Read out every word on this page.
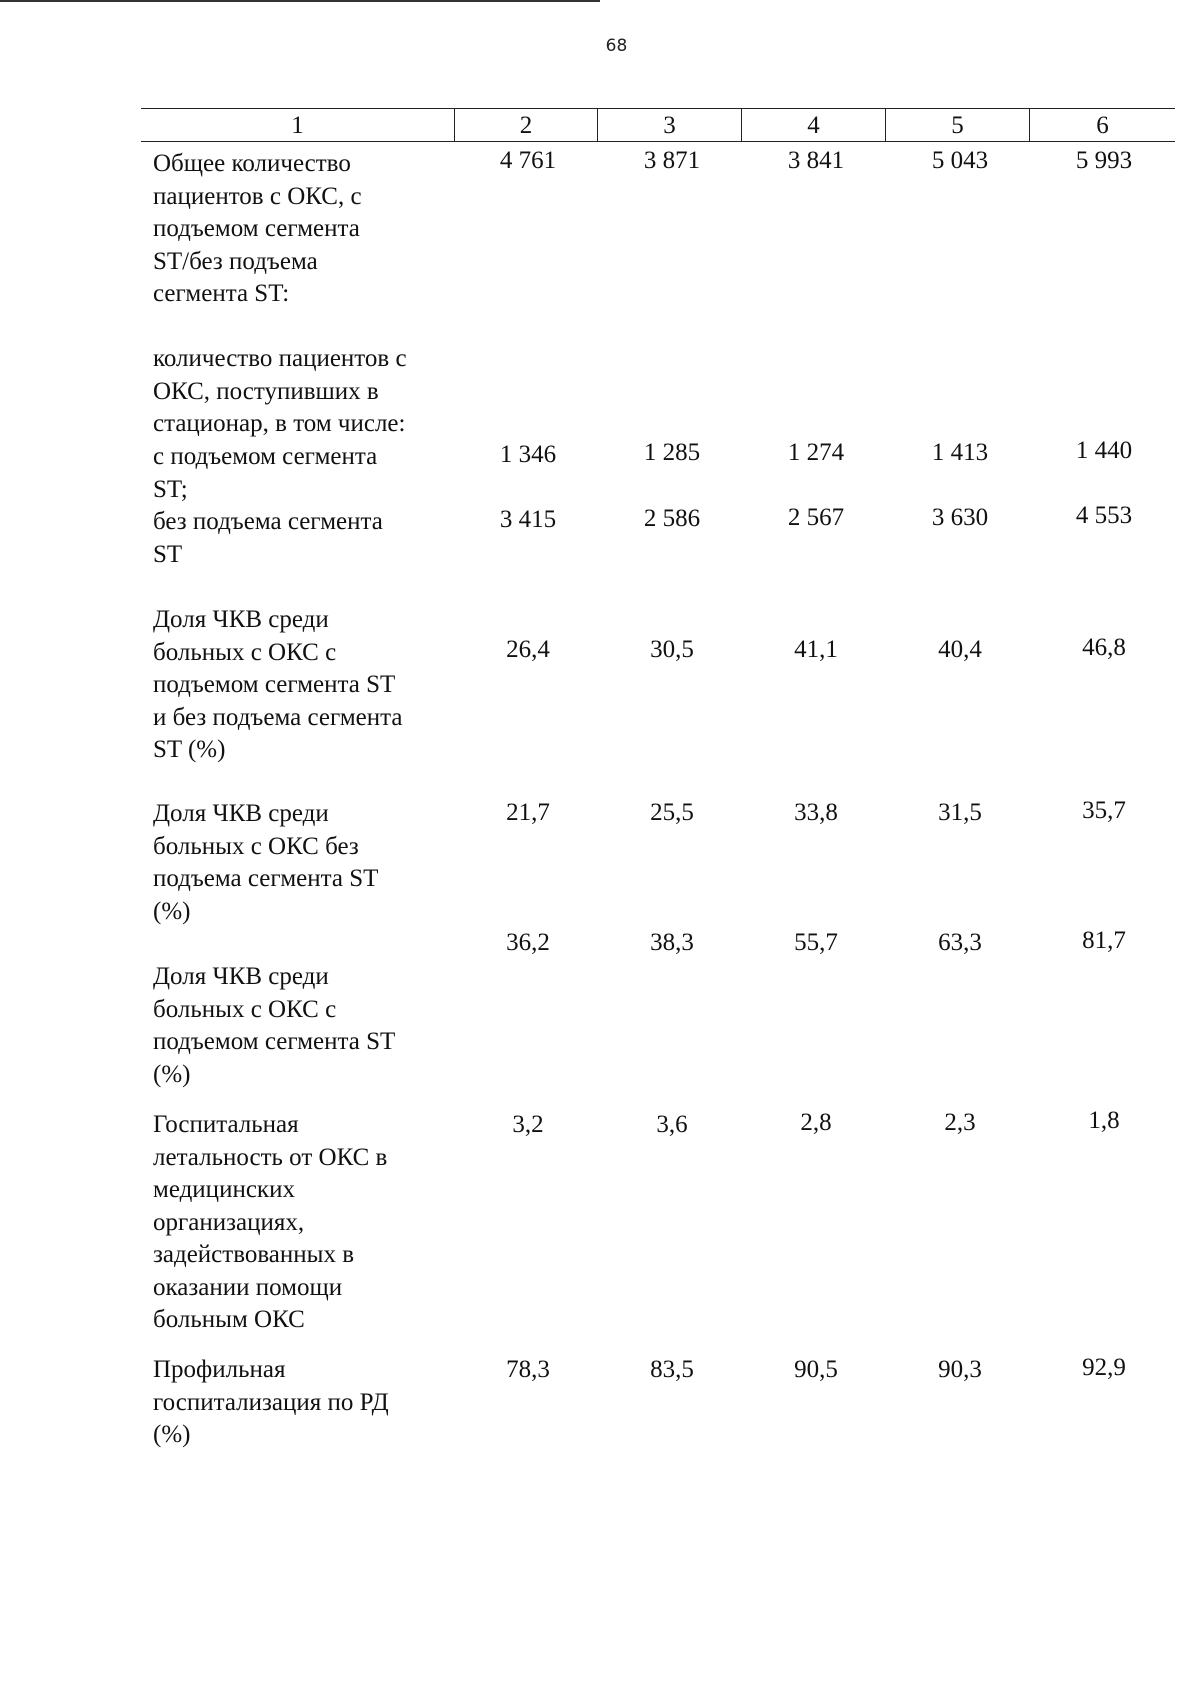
68
1	2	3	4	5	6
Общее количество
пациентов с ОКС, с
подъемом сегмента
ST/без подъема
сегмента ST:
4 761	3 871	3 841	5 043	5 993
количество пациентов с
ОКС, поступивших в
стационар, в том числе:
с подъемом сегмента
ST;
1 346	1 285	1 274	1 413	1 440
без подъема сегмента
ST
3 415	2 586	2 567	3 630	4 553
Доля ЧКВ среди
больных с ОКС с
подъемом сегмента ST
и без подъема сегмента
ST (%)
26,4	30,5	41,1	40,4	46,8
Доля ЧКВ среди
больных с ОКС без
подъема сегмента ST
(%)
21,7	25,5	33,8	31,5	35,7
Доля ЧКВ среди
больных с ОКС с
подъемом сегмента ST
(%)
36,2	38,3	55,7	63,3	81,7
Госпитальная
летальность от ОКС в
медицинских
организациях,
задействованных в
оказании помощи
больным ОКС
3,2	3,6	2,8	2,3	1,8
Профильная
госпитализация по РД
(%)
78,3	83,5	90,5	90,3	92,9
